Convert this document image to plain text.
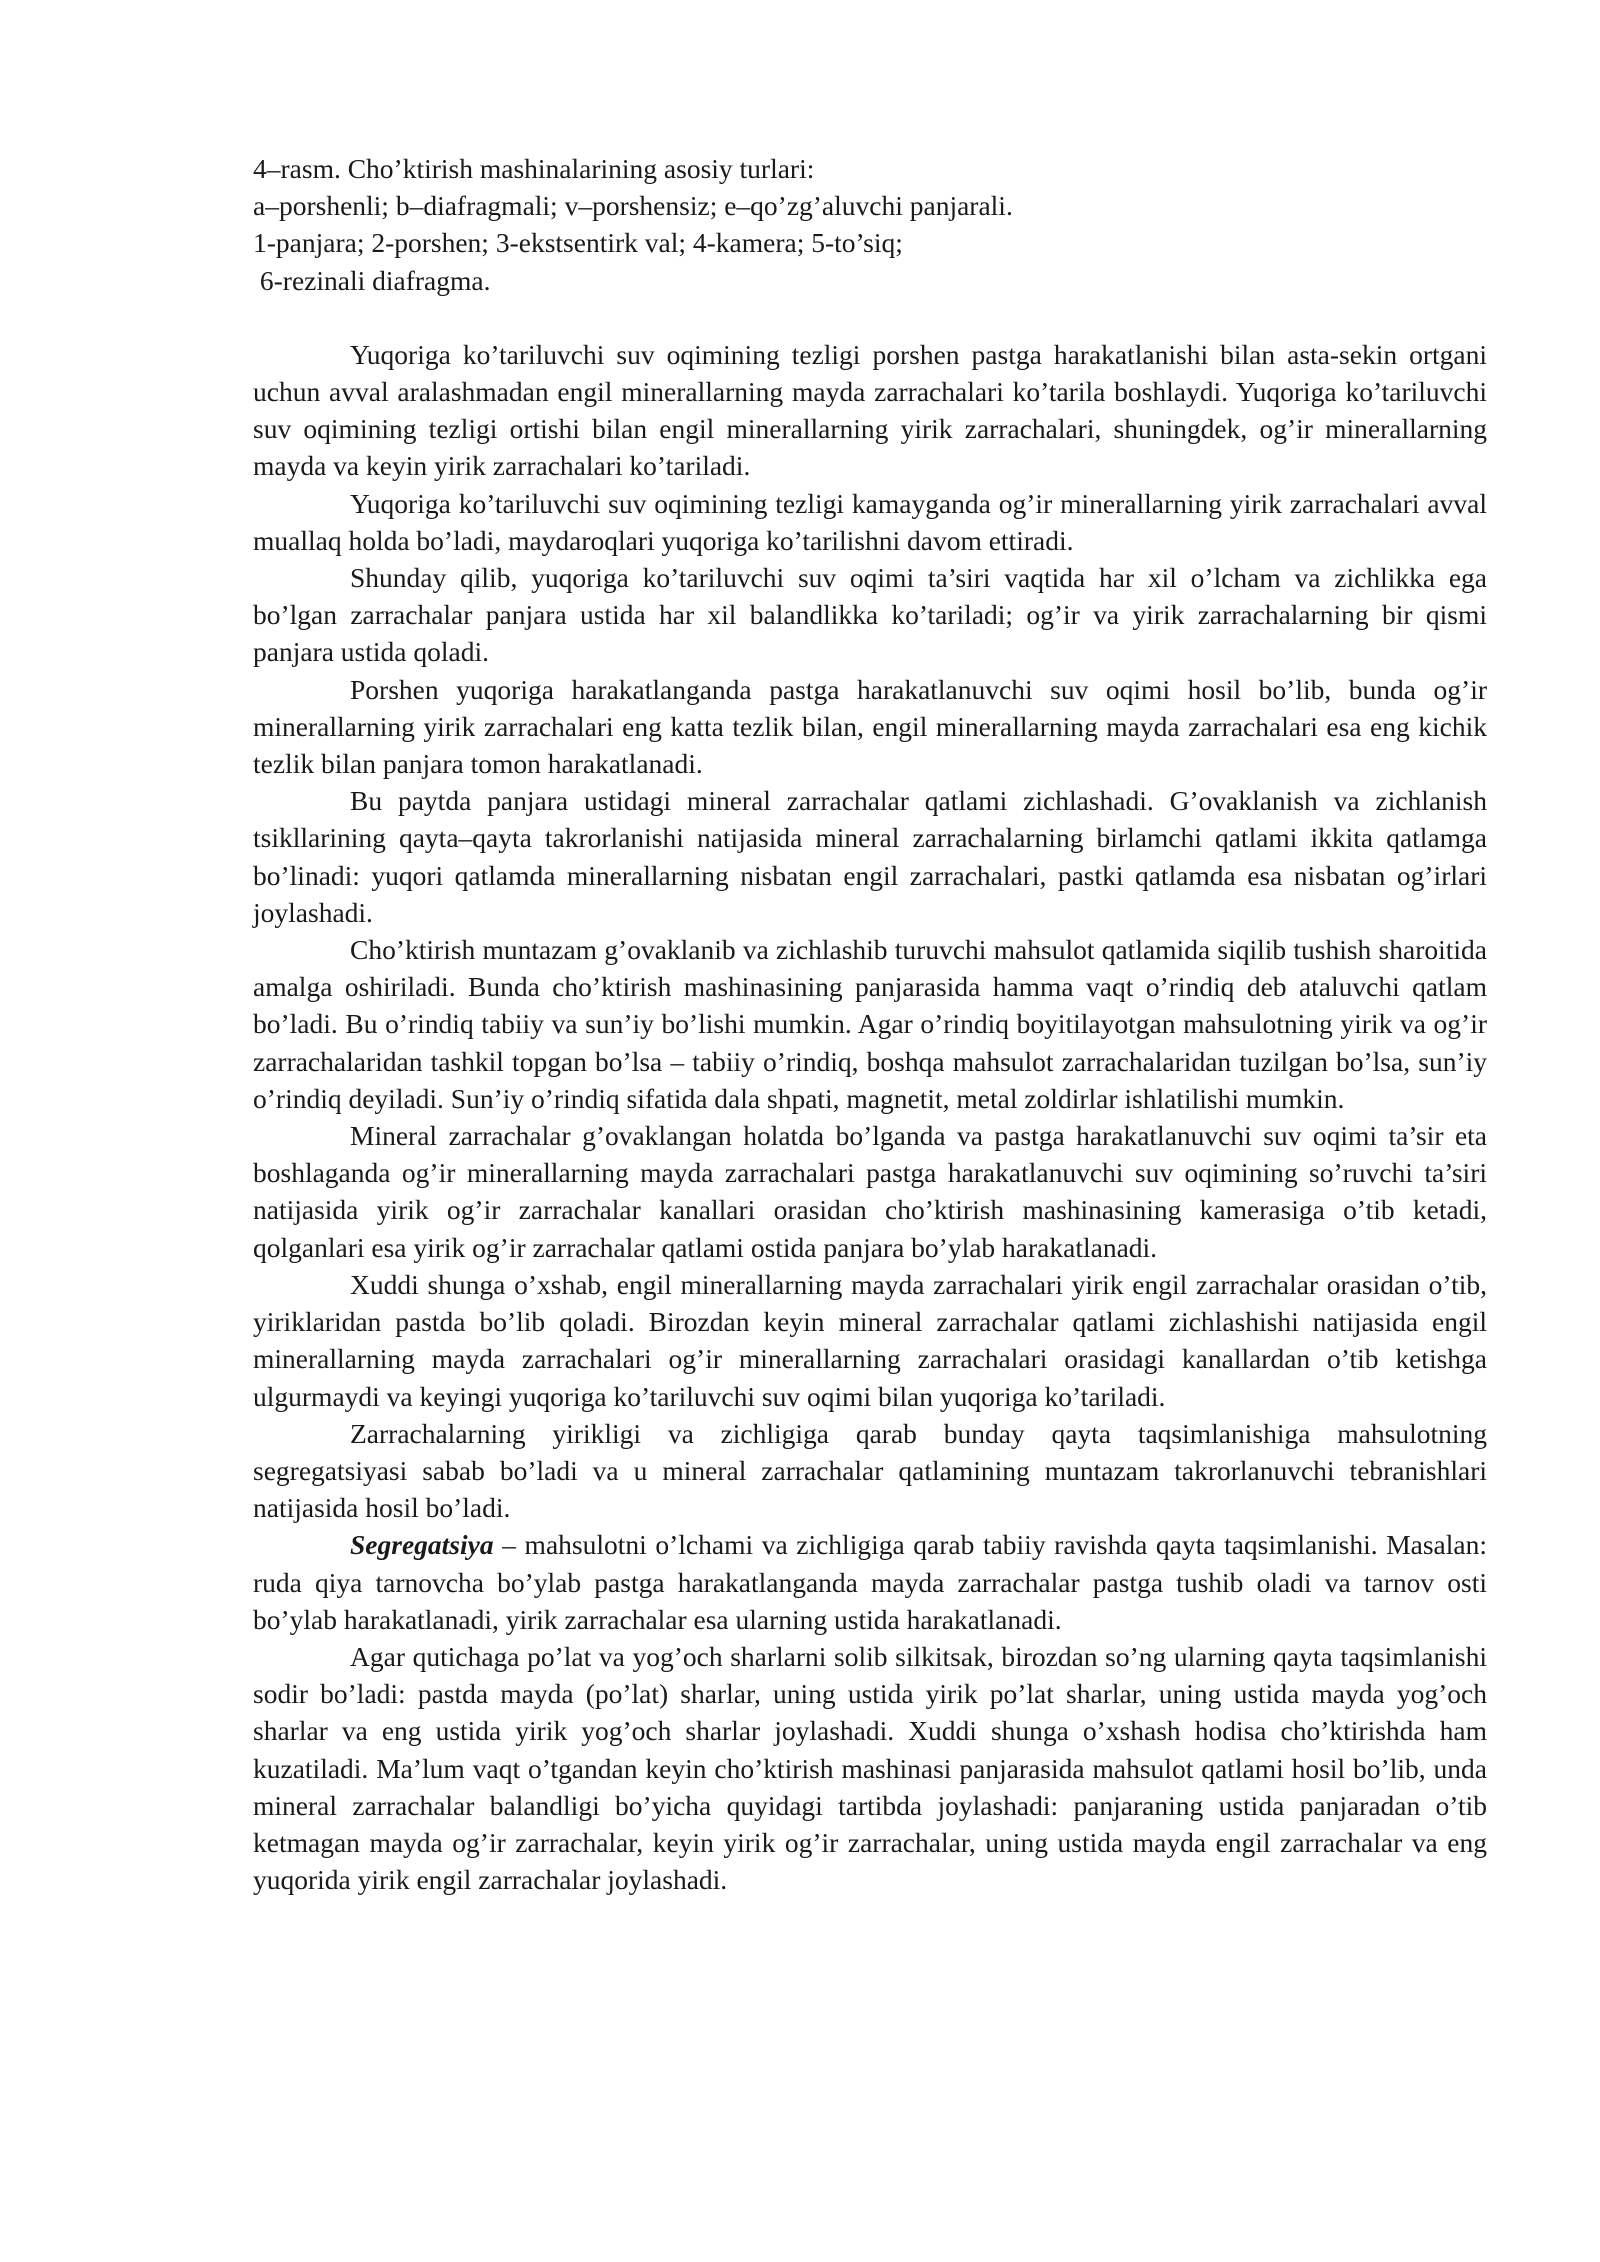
4–rasm. Cho’ktirish mashinalarining asosiy turlari:

a–porshenli; b–diafragmali; v–porshensiz; e–qo’zg’aluvchi panjarali.

1-panjara; 2-porshen; 3-ekstsentirk val; 4-kamera; 5-to’siq;

6-rezinali diafragma.

Yuqoriga ko’tariluvchi suv oqimining tezligi porshen pastga harakatlanishi bilan asta-sekin ortgani uchun avval aralashmadan engil minerallarning mayda zarrachalari ko’tarila boshlaydi. Yuqoriga ko’tariluvchi suv oqimining tezligi ortishi bilan engil minerallarning yirik zarrachalari, shuningdek, og’ir minerallarning mayda va keyin yirik zarrachalari ko’tariladi.

Yuqoriga ko’tariluvchi suv oqimining tezligi kamayganda og’ir minerallarning yirik zarrachalari avval muallaq holda bo’ladi, maydaroqlari yuqoriga ko’tarilishni davom ettiradi.

Shunday qilib, yuqoriga ko’tariluvchi suv oqimi ta’siri vaqtida har xil o’lcham va zichlikka ega bo’lgan zarrachalar panjara ustida har xil balandlikka ko’tariladi; og’ir va yirik zarrachalarning bir qismi panjara ustida qoladi.

Porshen yuqoriga harakatlanganda pastga harakatlanuvchi suv oqimi hosil bo’lib, bunda og’ir minerallarning yirik zarrachalari eng katta tezlik bilan, engil minerallarning mayda zarrachalari esa eng kichik tezlik bilan panjara tomon harakatlanadi.

Bu paytda panjara ustidagi mineral zarrachalar qatlami zichlashadi. G’ovaklanish va zichlanish tsikllarining qayta–qayta takrorlanishi natijasida mineral zarrachalarning birlamchi qatlami ikkita qatlamga bo’linadi: yuqori qatlamda minerallarning nisbatan engil zarrachalari, pastki qatlamda esa nisbatan og’irlari joylashadi.

Cho’ktirish muntazam g’ovaklanib va zichlashib turuvchi mahsulot qatlamida siqilib tushish sharoitida amalga oshiriladi. Bunda cho’ktirish mashinasining panjarasida hamma vaqt o’rindiq deb ataluvchi qatlam bo’ladi. Bu o’rindiq tabiiy va sun’iy bo’lishi mumkin. Agar o’rindiq boyitilayotgan mahsulotning yirik va og’ir zarrachalaridan tashkil topgan bo’lsa – tabiiy o’rindiq, boshqa mahsulot zarrachalaridan tuzilgan bo’lsa, sun’iy o’rindiq deyiladi. Sun’iy o’rindiq sifatida dala shpati, magnetit, metal zoldirlar ishlatilishi mumkin.

Mineral zarrachalar g’ovaklangan holatda bo’lganda va pastga harakatlanuvchi suv oqimi ta’sir eta boshlaganda og’ir minerallarning mayda zarrachalari pastga harakatlanuvchi suv oqimining so’ruvchi ta’siri natijasida yirik og’ir zarrachalar kanallari orasidan cho’ktirish mashinasining kamerasiga o’tib ketadi, qolganlari esa yirik og’ir zarrachalar qatlami ostida panjara bo’ylab harakatlanadi.

Xuddi shunga o’xshab, engil minerallarning mayda zarrachalari yirik engil zarrachalar orasidan o’tib, yiriklaridan pastda bo’lib qoladi. Birozdan keyin mineral zarrachalar qatlami zichlashishi natijasida engil minerallarning mayda zarrachalari og’ir minerallarning zarrachalari orasidagi kanallardan o’tib ketishga ulgurmaydi va keyingi yuqoriga ko’tariluvchi suv oqimi bilan yuqoriga ko’tariladi.

Zarrachalarning yirikligi va zichligiga qarab bunday qayta taqsimlanishiga mahsulotning segregatsiyasi sabab bo’ladi va u mineral zarrachalar qatlamining muntazam takrorlanuvchi tebranishlari natijasida hosil bo’ladi.

Segregatsiya – mahsulotni o’lchami va zichligiga qarab tabiiy ravishda qayta taqsimlanishi. Masalan: ruda qiya tarnovcha bo’ylab pastga harakatlanganda mayda zarrachalar pastga tushib oladi va tarnov osti bo’ylab harakatlanadi, yirik zarrachalar esa ularning ustida harakatlanadi.

Agar qutichaga po’lat va yog’och sharlarni solib silkitsak, birozdan so’ng ularning qayta taqsimlanishi sodir bo’ladi: pastda mayda (po’lat) sharlar, uning ustida yirik po’lat sharlar, uning ustida mayda yog’och sharlar va eng ustida yirik yog’och sharlar joylashadi. Xuddi shunga o’xshash hodisa cho’ktirishda ham kuzatiladi. Ma’lum vaqt o’tgandan keyin cho’ktirish mashinasi panjarasida mahsulot qatlami hosil bo’lib, unda mineral zarrachalar balandligi bo’yicha quyidagi tartibda joylashadi: panjaraning ustida panjaradan o’tib ketmagan mayda og’ir zarrachalar, keyin yirik og’ir zarrachalar, uning ustida mayda engil zarrachalar va eng yuqorida yirik engil zarrachalar joylashadi.
